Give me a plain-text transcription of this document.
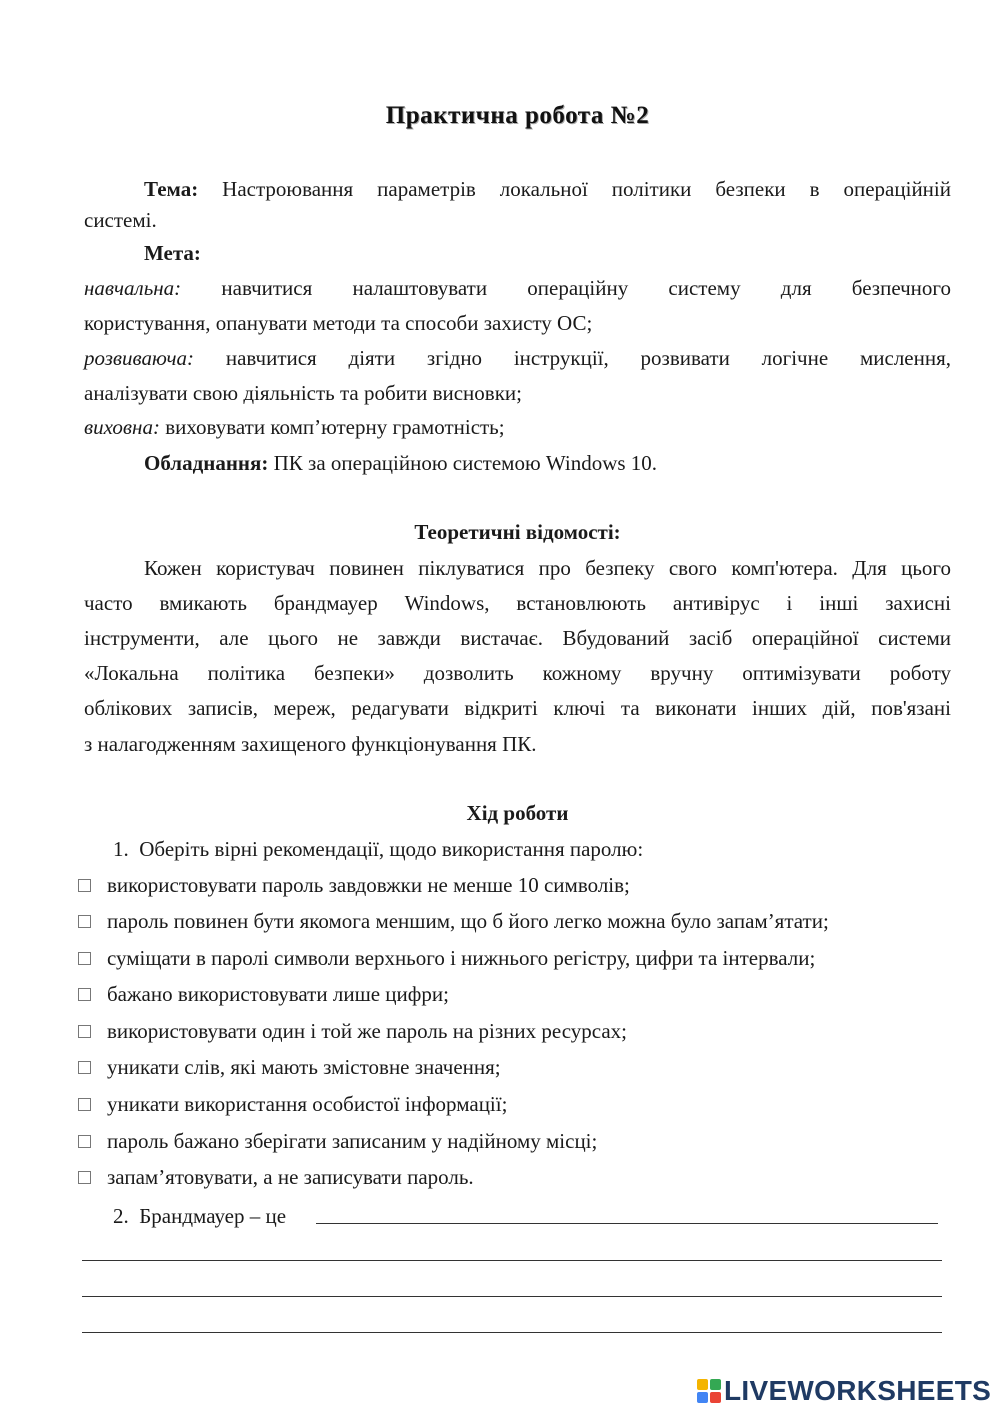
Практична робота №2
Тема: Настроювання параметрів локальної політики безпеки в операційній
системі.
Мета:
навчальна: навчитися налаштовувати операційну систему для безпечного
користування, опанувати методи та способи захисту ОС;
розвиваюча: навчитися діяти згідно інструкції, розвивати логічне мислення,
аналізувати свою діяльність та робити висновки;
виховна: виховувати комп’ютерну грамотність;
Обладнання: ПК за операційною системою Windows 10.
Теоретичні відомості:
Кожен користувач повинен піклуватися про безпеку свого комп'ютера. Для цього
часто вмикають брандмауер Windows, встановлюють антивірус і інші захисні
інструменти, але цього не завжди вистачає. Вбудований засіб операційної системи
«Локальна політика безпеки» дозволить кожному вручну оптимізувати роботу
облікових записів, мереж, редагувати відкриті ключі та виконати інших дій, пов'язані
з налагодженням захищеного функціонування ПК.
Хід роботи
1. Оберіть вірні рекомендації, щодо використання паролю:
використовувати пароль завдовжки не менше 10 символів;
пароль повинен бути якомога меншим, що б його легко можна було запам’ятати;
суміщати в паролі символи верхнього і нижнього регістру, цифри та інтервали;
бажано використовувати лише цифри;
використовувати один і той же пароль на різних ресурсах;
уникати слів, які мають змістовне значення;
уникати використання особистої інформації;
пароль бажано зберігати записаним у надійному місці;
запам’ятовувати, а не записувати пароль.
2. Брандмауер – це
LIVEWORKSHEETS
